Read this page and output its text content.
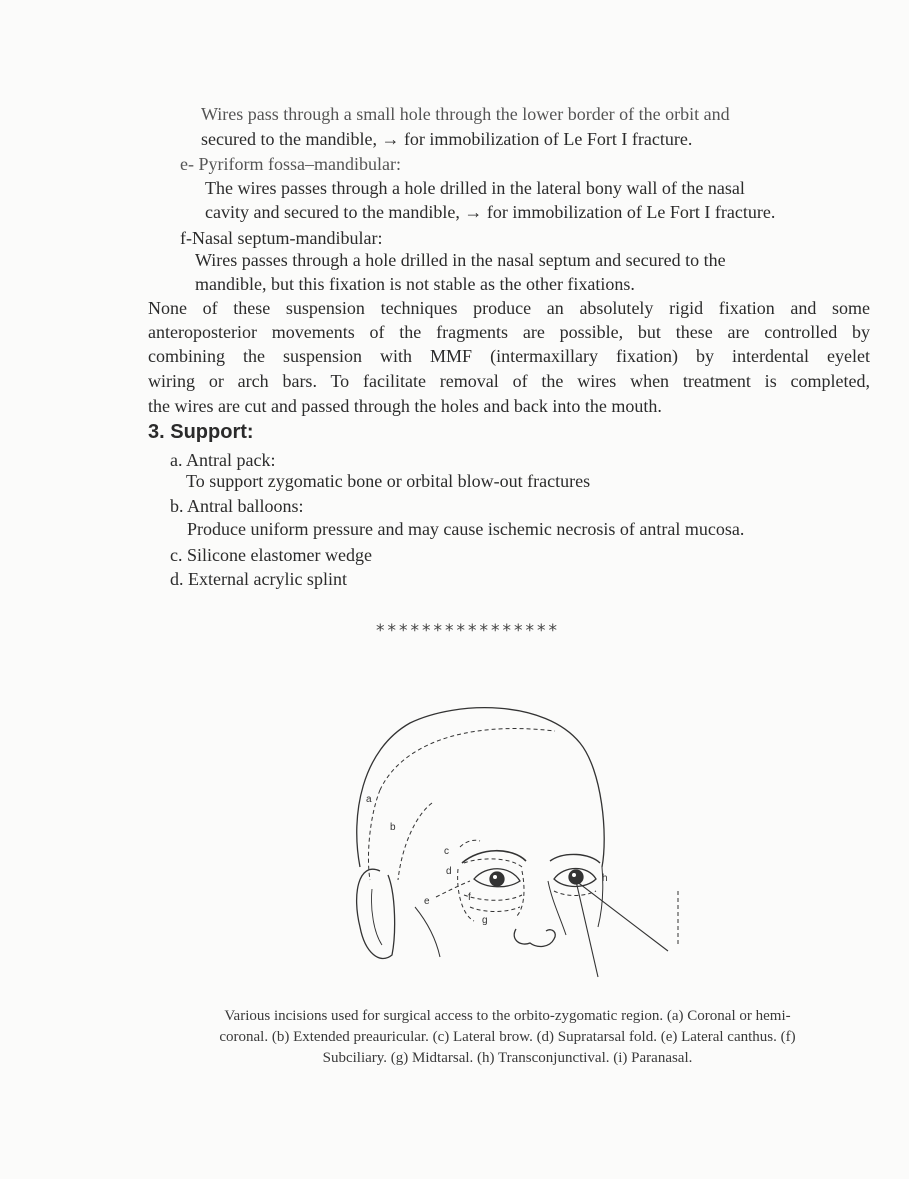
Wires pass through a small hole through the lower border of the orbit and
secured to the mandible, → for immobilization of Le Fort I fracture.
e- Pyriform fossa–mandibular:
The wires passes through a hole drilled in the lateral bony wall of the nasal
cavity and secured to the mandible, → for immobilization of Le Fort I fracture.
f-Nasal septum-mandibular:
Wires passes through a hole drilled in the nasal septum and secured to the
mandible, but this fixation is not stable as the other fixations.
None of these suspension techniques produce an absolutely rigid fixation and some
anteroposterior movements of the fragments are possible, but these are controlled by
combining the suspension with MMF (intermaxillary fixation) by interdental eyelet
wiring or arch bars. To facilitate removal of the wires when treatment is completed,
the wires are cut and passed through the holes and back into the mouth.
3. Support:
a. Antral pack:
To support zygomatic bone or orbital blow-out fractures
b. Antral balloons:
Produce uniform pressure and may cause ischemic necrosis of antral mucosa.
c. Silicone elastomer wedge
d. External acrylic splint
****************
a
b
c
d
e	f
g
h

Various incisions used for surgical access to the orbito-zygomatic region. (a) Coronal or hemi-

coronal. (b) Extended preauricular. (c) Lateral brow. (d) Supratarsal fold. (e) Lateral canthus. (f)

Subciliary. (g) Midtarsal. (h) Transconjunctival. (i) Paranasal.
